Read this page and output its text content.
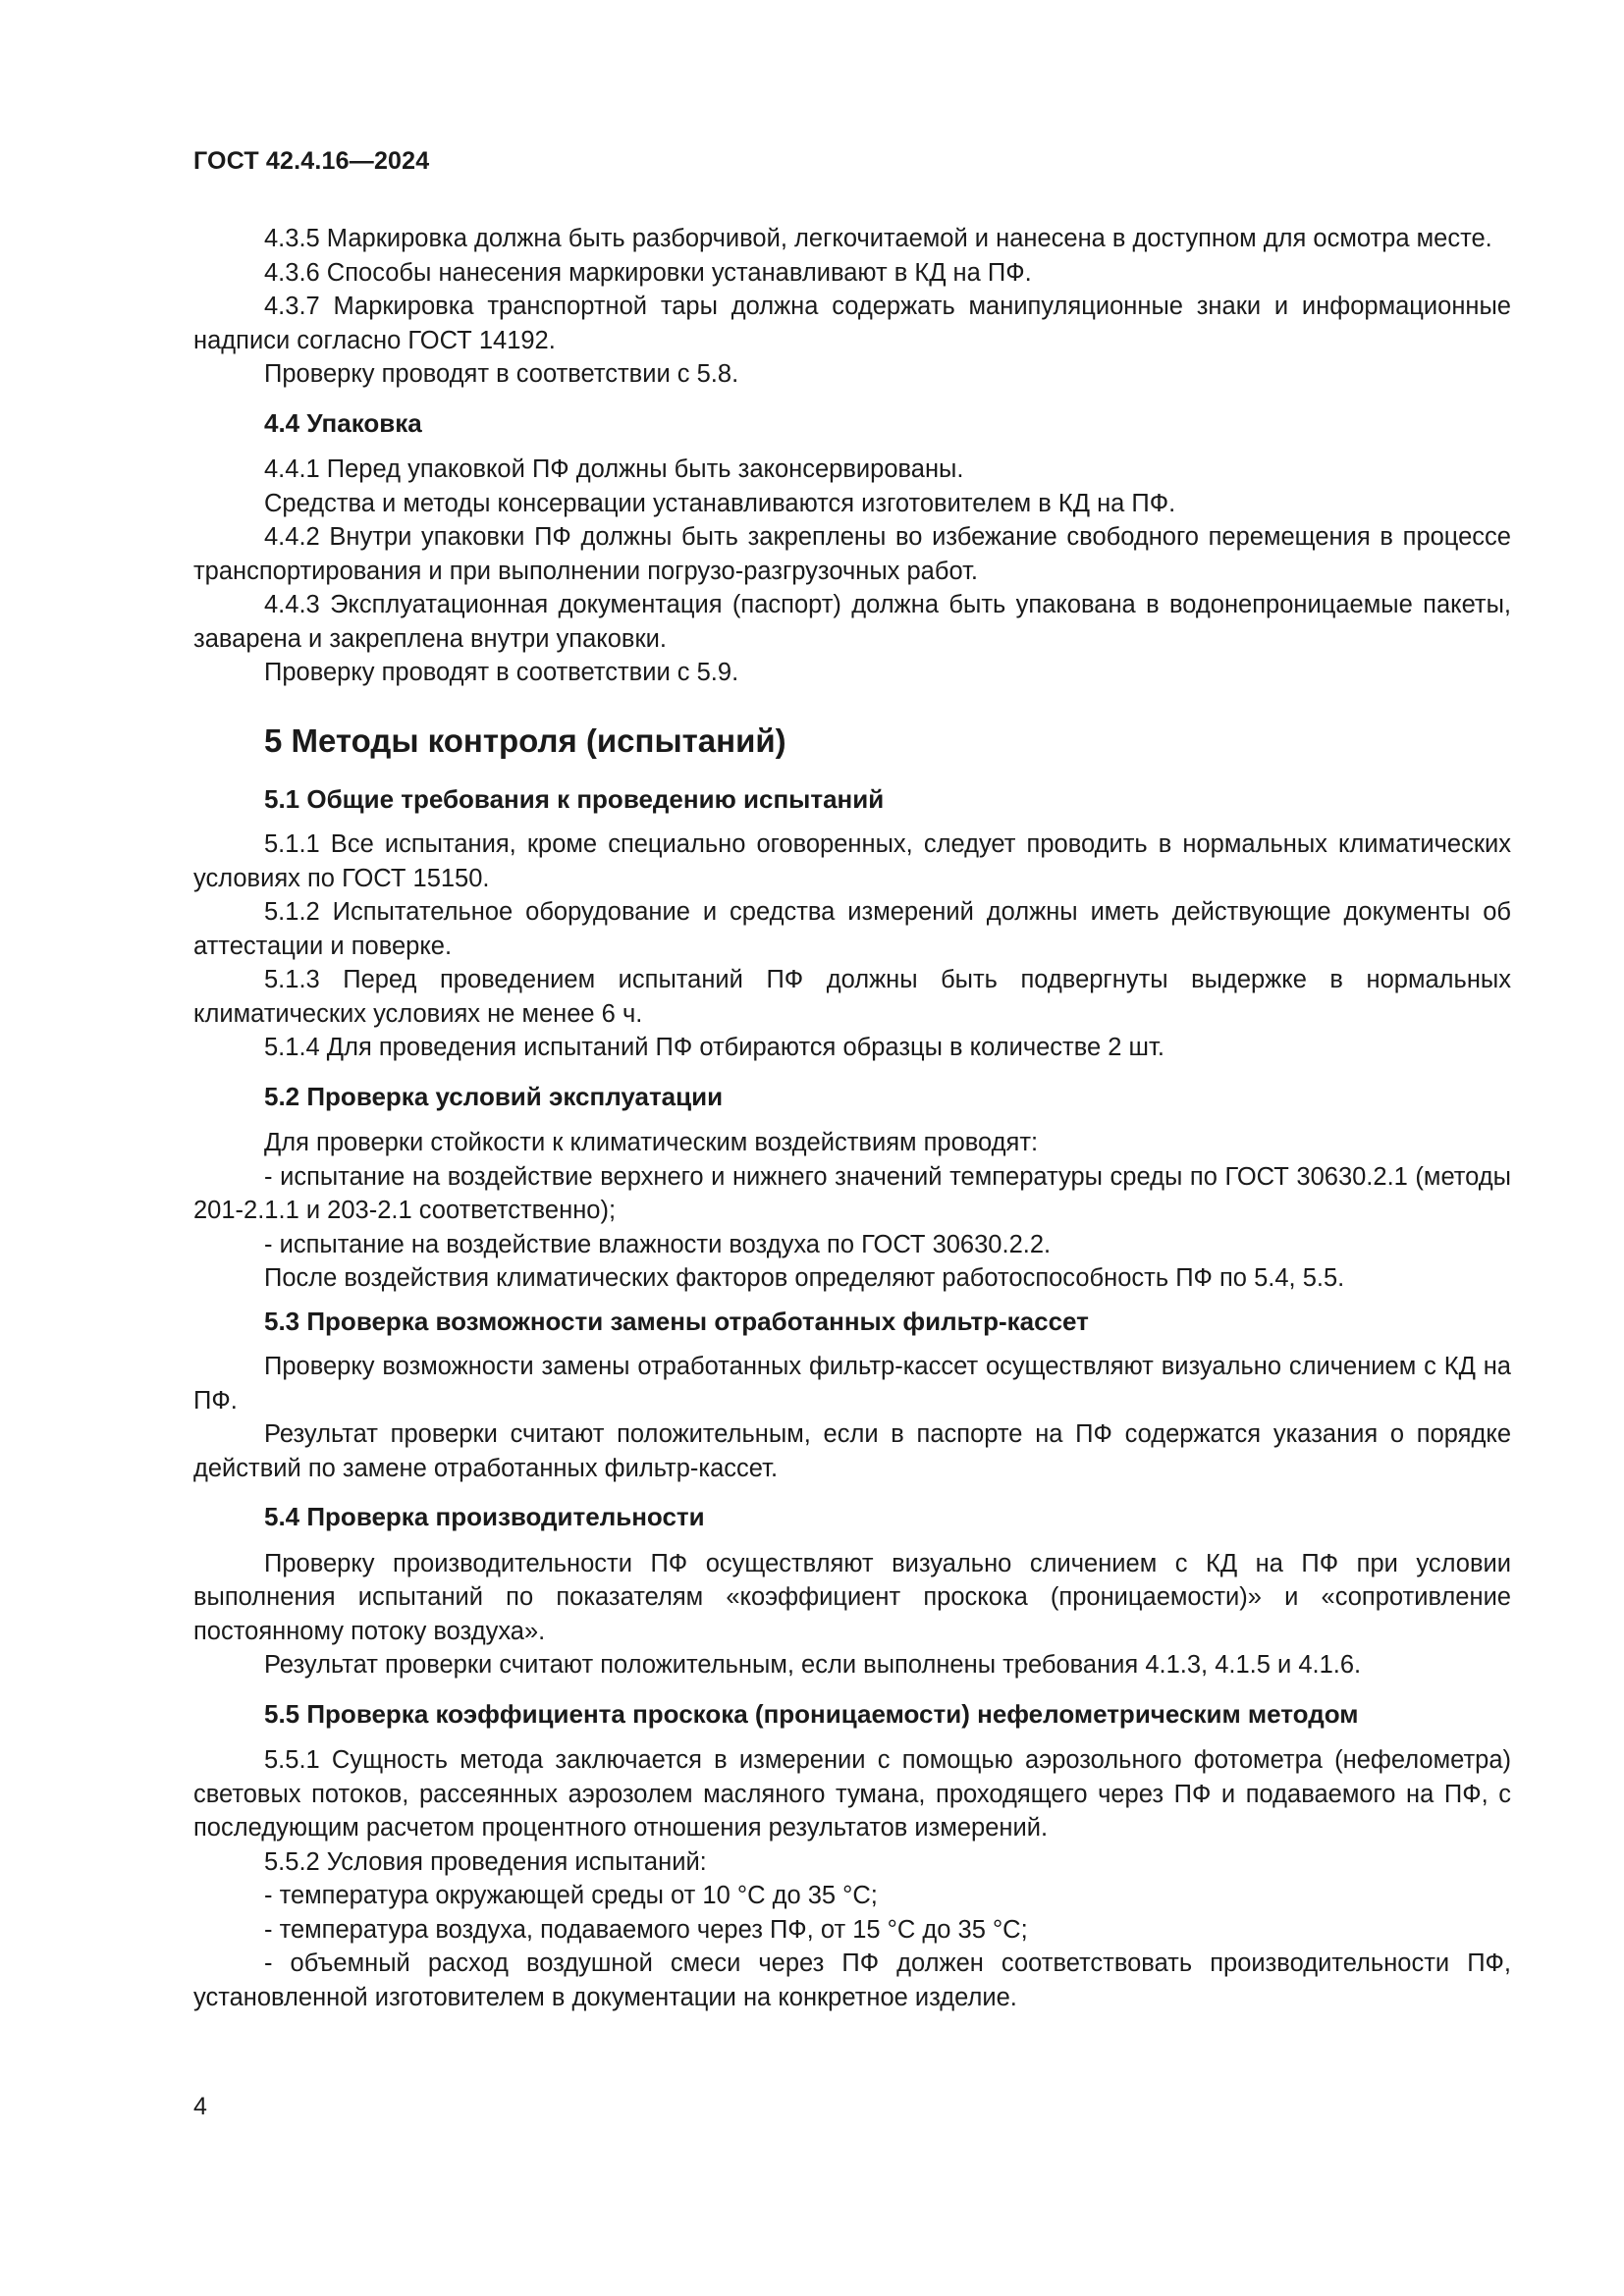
ГОСТ 42.4.16—2024

4.3.5 Маркировка должна быть разборчивой, легкочитаемой и нанесена в доступном для осмотра месте.

4.3.6 Способы нанесения маркировки устанавливают в КД на ПФ.

4.3.7 Маркировка транспортной тары должна содержать манипуляционные знаки и информационные надписи согласно ГОСТ 14192.

Проверку проводят в соответствии с 5.8.

4.4 Упаковка

4.4.1 Перед упаковкой ПФ должны быть законсервированы.

Средства и методы консервации устанавливаются изготовителем в КД на ПФ.

4.4.2 Внутри упаковки ПФ должны быть закреплены во избежание свободного перемещения в процессе транспортирования и при выполнении погрузо-разгрузочных работ.

4.4.3 Эксплуатационная документация (паспорт) должна быть упакована в водонепроницаемые пакеты, заварена и закреплена внутри упаковки.

Проверку проводят в соответствии с 5.9.

5 Методы контроля (испытаний)
5.1 Общие требования к проведению испытаний

5.1.1 Все испытания, кроме специально оговоренных, следует проводить в нормальных климатических условиях по ГОСТ 15150.

5.1.2 Испытательное оборудование и средства измерений должны иметь действующие документы об аттестации и поверке.

5.1.3 Перед проведением испытаний ПФ должны быть подвергнуты выдержке в нормальных климатических условиях не менее 6 ч.

5.1.4 Для проведения испытаний ПФ отбираются образцы в количестве 2 шт.

5.2 Проверка условий эксплуатации

Для проверки стойкости к климатическим воздействиям проводят:

- испытание на воздействие верхнего и нижнего значений температуры среды по ГОСТ 30630.2.1 (методы 201-2.1.1 и 203-2.1 соответственно);

- испытание на воздействие влажности воздуха по ГОСТ 30630.2.2.

После воздействия климатических факторов определяют работоспособность ПФ по 5.4, 5.5.

5.3 Проверка возможности замены отработанных фильтр-кассет

Проверку возможности замены отработанных фильтр-кассет осуществляют визуально сличением с КД на ПФ.

Результат проверки считают положительным, если в паспорте на ПФ содержатся указания о порядке действий по замене отработанных фильтр-кассет.

5.4 Проверка производительности

Проверку производительности ПФ осуществляют визуально сличением с КД на ПФ при условии выполнения испытаний по показателям «коэффициент проскока (проницаемости)» и «сопротивление постоянному потоку воздуха».

Результат проверки считают положительным, если выполнены требования 4.1.3, 4.1.5 и 4.1.6.

5.5 Проверка коэффициента проскока (проницаемости) нефелометрическим методом

5.5.1 Сущность метода заключается в измерении с помощью аэрозольного фотометра (нефелометра) световых потоков, рассеянных аэрозолем масляного тумана, проходящего через ПФ и подаваемого на ПФ, с последующим расчетом процентного отношения результатов измерений.

5.5.2 Условия проведения испытаний:

- температура окружающей среды от 10 °С до 35 °С;

- температура воздуха, подаваемого через ПФ, от 15 °С до 35 °С;

- объемный расход воздушной смеси через ПФ должен соответствовать производительности ПФ, установленной изготовителем в документации на конкретное изделие.

4
